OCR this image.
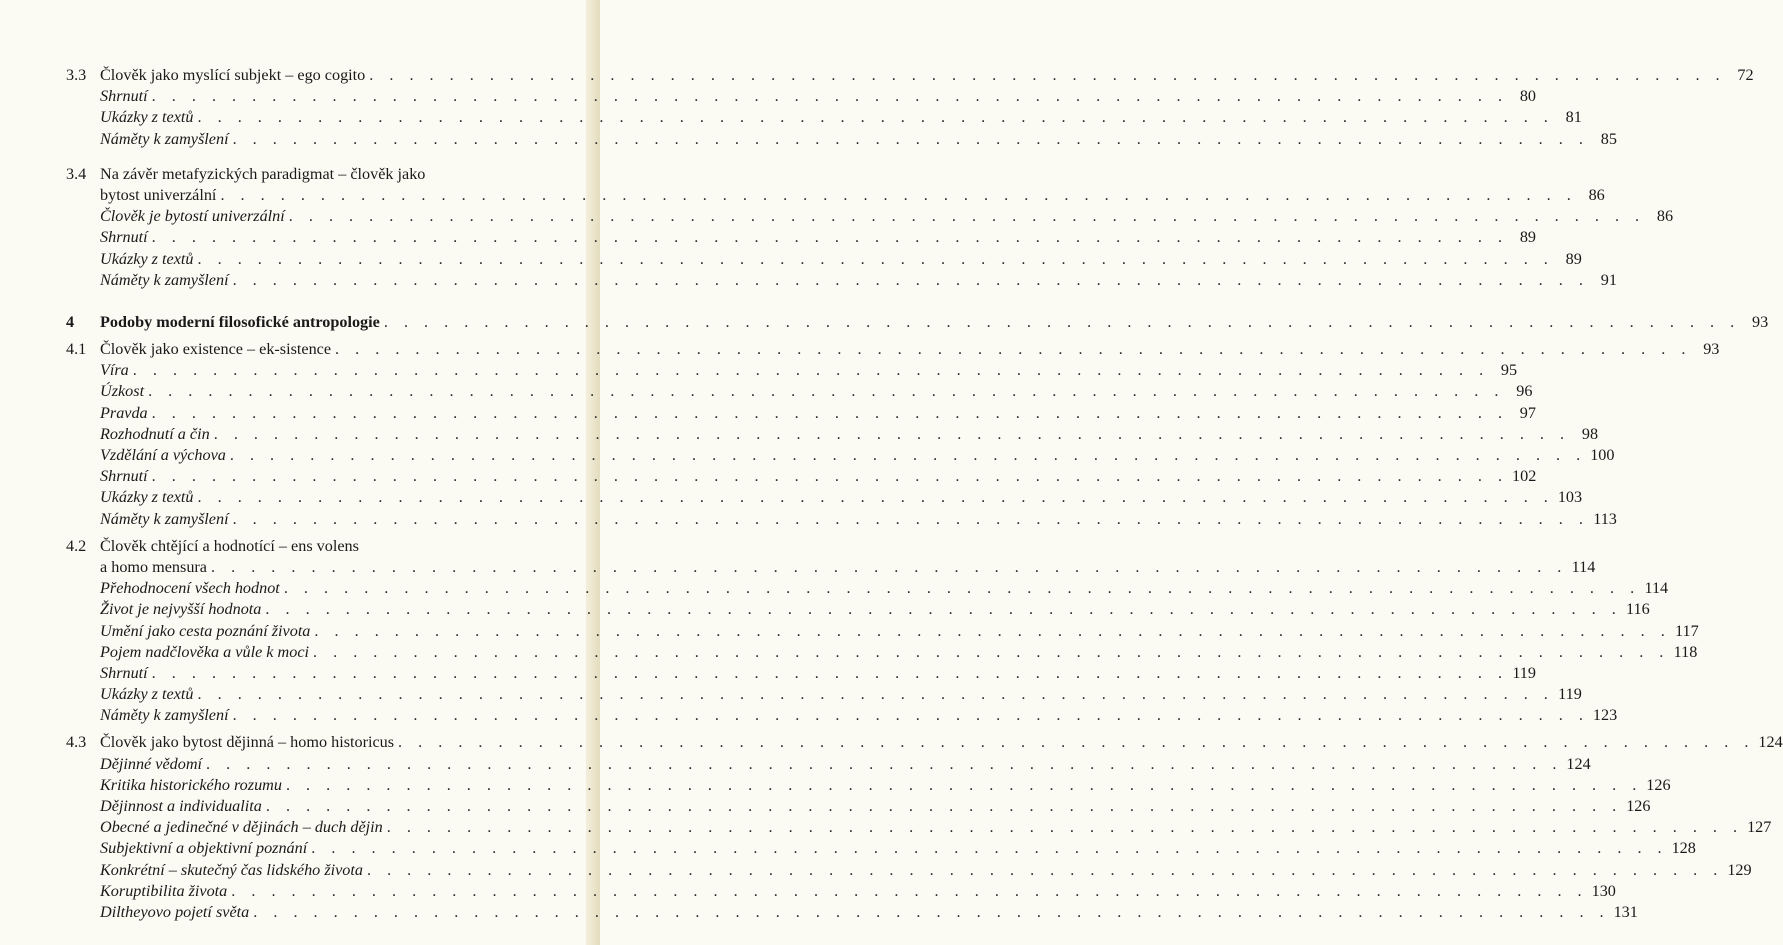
3.3 Člověk jako myslící subjekt – ego cogito . . . . . . . . . . . . . . . . . . . . . . . . . . . . . . . . . . . . . . . . . . . . . . . . . . . . . . . . . . . . . . . . . . . . 72
Shrnutí . . . . . . . . . . . . . . . . . . . . . . . . . . . . . . . . . . . . . . . . . . . . . . . . . . . . . . . . . . . . . . . . . . . . 80
Ukázky z textů . . . . . . . . . . . . . . . . . . . . . . . . . . . . . . . . . . . . . . . . . . . . . . . . . . . . . . . . . . . . . . . . . . . . 81
Náměty k zamyšlení . . . . . . . . . . . . . . . . . . . . . . . . . . . . . . . . . . . . . . . . . . . . . . . . . . . . . . . . . . . . . . . . . . . . 85
3.4 Na závěr metafyzických paradigmat – člověk jako
bytost univerzální . . . . . . . . . . . . . . . . . . . . . . . . . . . . . . . . . . . . . . . . . . . . . . . . . . . . . . . . . . . . . . . . . . . . 86
Člověk je bytostí univerzální . . . . . . . . . . . . . . . . . . . . . . . . . . . . . . . . . . . . . . . . . . . . . . . . . . . . . . . . . . . . . . . . . . . . 86
Shrnutí . . . . . . . . . . . . . . . . . . . . . . . . . . . . . . . . . . . . . . . . . . . . . . . . . . . . . . . . . . . . . . . . . . . . 89
Ukázky z textů . . . . . . . . . . . . . . . . . . . . . . . . . . . . . . . . . . . . . . . . . . . . . . . . . . . . . . . . . . . . . . . . . . . . 89
Náměty k zamyšlení . . . . . . . . . . . . . . . . . . . . . . . . . . . . . . . . . . . . . . . . . . . . . . . . . . . . . . . . . . . . . . . . . . . . 91
4 Podoby moderní filosofické antropologie . . . . . . . . . . . . . . . . . . . . . . . . . . . . . . . . . . . . . . . . . . . . . . . . . . . . . . . . . . . . . . . . . . . . 93
4.1 Člověk jako existence – ek-sistence . . . . . . . . . . . . . . . . . . . . . . . . . . . . . . . . . . . . . . . . . . . . . . . . . . . . . . . . . . . . . . . . . . . . 93
Víra . . . . . . . . . . . . . . . . . . . . . . . . . . . . . . . . . . . . . . . . . . . . . . . . . . . . . . . . . . . . . . . . . . . . 95
Úzkost . . . . . . . . . . . . . . . . . . . . . . . . . . . . . . . . . . . . . . . . . . . . . . . . . . . . . . . . . . . . . . . . . . . . 96
Pravda . . . . . . . . . . . . . . . . . . . . . . . . . . . . . . . . . . . . . . . . . . . . . . . . . . . . . . . . . . . . . . . . . . . . 97
Rozhodnutí a čin . . . . . . . . . . . . . . . . . . . . . . . . . . . . . . . . . . . . . . . . . . . . . . . . . . . . . . . . . . . . . . . . . . . . 98
Vzdělání a výchova . . . . . . . . . . . . . . . . . . . . . . . . . . . . . . . . . . . . . . . . . . . . . . . . . . . . . . . . . . . . . . . . . . . . 100
Shrnutí . . . . . . . . . . . . . . . . . . . . . . . . . . . . . . . . . . . . . . . . . . . . . . . . . . . . . . . . . . . . . . . . . . . . 102
Ukázky z textů . . . . . . . . . . . . . . . . . . . . . . . . . . . . . . . . . . . . . . . . . . . . . . . . . . . . . . . . . . . . . . . . . . . . 103
Náměty k zamyšlení . . . . . . . . . . . . . . . . . . . . . . . . . . . . . . . . . . . . . . . . . . . . . . . . . . . . . . . . . . . . . . . . . . . . 113
4.2 Člověk chtějící a hodnotící – ens volens
a homo mensura . . . . . . . . . . . . . . . . . . . . . . . . . . . . . . . . . . . . . . . . . . . . . . . . . . . . . . . . . . . . . . . . . . . . 114
Přehodnocení všech hodnot . . . . . . . . . . . . . . . . . . . . . . . . . . . . . . . . . . . . . . . . . . . . . . . . . . . . . . . . . . . . . . . . . . . . 114
Život je nejvyšší hodnota . . . . . . . . . . . . . . . . . . . . . . . . . . . . . . . . . . . . . . . . . . . . . . . . . . . . . . . . . . . . . . . . . . . . 116
Umění jako cesta poznání života . . . . . . . . . . . . . . . . . . . . . . . . . . . . . . . . . . . . . . . . . . . . . . . . . . . . . . . . . . . . . . . . . . . . 117
Pojem nadčlověka a vůle k moci . . . . . . . . . . . . . . . . . . . . . . . . . . . . . . . . . . . . . . . . . . . . . . . . . . . . . . . . . . . . . . . . . . . . 118
Shrnutí . . . . . . . . . . . . . . . . . . . . . . . . . . . . . . . . . . . . . . . . . . . . . . . . . . . . . . . . . . . . . . . . . . . . 119
Ukázky z textů . . . . . . . . . . . . . . . . . . . . . . . . . . . . . . . . . . . . . . . . . . . . . . . . . . . . . . . . . . . . . . . . . . . . 119
Náměty k zamyšlení . . . . . . . . . . . . . . . . . . . . . . . . . . . . . . . . . . . . . . . . . . . . . . . . . . . . . . . . . . . . . . . . . . . . 123
4.3 Člověk jako bytost dějinná – homo historicus . . . . . . . . . . . . . . . . . . . . . . . . . . . . . . . . . . . . . . . . . . . . . . . . . . . . . . . . . . . . . . . . . . . . 124
Dějinné vědomí . . . . . . . . . . . . . . . . . . . . . . . . . . . . . . . . . . . . . . . . . . . . . . . . . . . . . . . . . . . . . . . . . . . . 124
Kritika historického rozumu . . . . . . . . . . . . . . . . . . . . . . . . . . . . . . . . . . . . . . . . . . . . . . . . . . . . . . . . . . . . . . . . . . . . 126
Dějinnost a individualita . . . . . . . . . . . . . . . . . . . . . . . . . . . . . . . . . . . . . . . . . . . . . . . . . . . . . . . . . . . . . . . . . . . . 126
Obecné a jedinečné v dějinách – duch dějin . . . . . . . . . . . . . . . . . . . . . . . . . . . . . . . . . . . . . . . . . . . . . . . . . . . . . . . . . . . . . . . . . . . . 127
Subjektivní a objektivní poznání . . . . . . . . . . . . . . . . . . . . . . . . . . . . . . . . . . . . . . . . . . . . . . . . . . . . . . . . . . . . . . . . . . . . 128
Konkrétní – skutečný čas lidského života . . . . . . . . . . . . . . . . . . . . . . . . . . . . . . . . . . . . . . . . . . . . . . . . . . . . . . . . . . . . . . . . . . . . 129
Koruptibilita života . . . . . . . . . . . . . . . . . . . . . . . . . . . . . . . . . . . . . . . . . . . . . . . . . . . . . . . . . . . . . . . . . . . . 130
Diltheyovo pojetí světa . . . . . . . . . . . . . . . . . . . . . . . . . . . . . . . . . . . . . . . . . . . . . . . . . . . . . . . . . . . . . . . . . . . . 131
